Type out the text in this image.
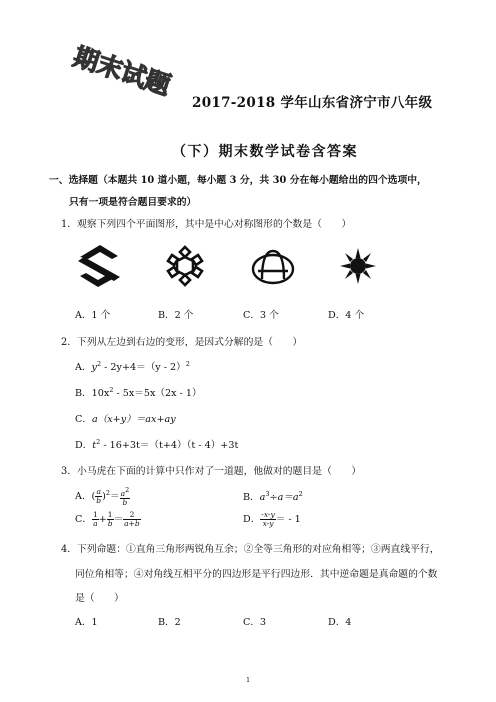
期末试题
2017-2018 学年山东省济宁市八年级
（下）期末数学试卷含答案
一、选择题（本题共 10 道小题，每小题 3 分，共 30 分在每小题给出的四个选项中，
只有一项是符合题目要求的）
1．观察下列四个平面图形，其中是中心对称图形的个数是（　　）
A．1 个	B．2 个	C．3 个	D．4 个
2．下列从左边到右边的变形，是因式分解的是（　　）
A．$y^2 - 2y+4=(y - 2)^2$
B．$10x^2 - 5x=5x(2x - 1)$
C．a（x+y）＝ax+ay
D．$t^2 - 16+3t=(t+4)(t - 4)+3t$
3．小马虎在下面的计算中只作对了一道题，他做对的题目是（　　）
A．( $\frac{a}{b} )^2= \frac{a^2}{b}$	B．$a^3\div a=a^2$
C． $\frac{1}{a} + \frac{1}{b} = \frac{2}{a+b}$	D． $\frac{-x-y}{x-y}$ ＝ - 1
4．下列命题：①直角三角形两锐角互余；②全等三角形的对应角相等；③两直线平行，
同位角相等；④对角线互相平分的四边形是平行四边形．其中逆命题是真命题的个数
是（　　）
A．1	B．2	C．3	D．4
1
